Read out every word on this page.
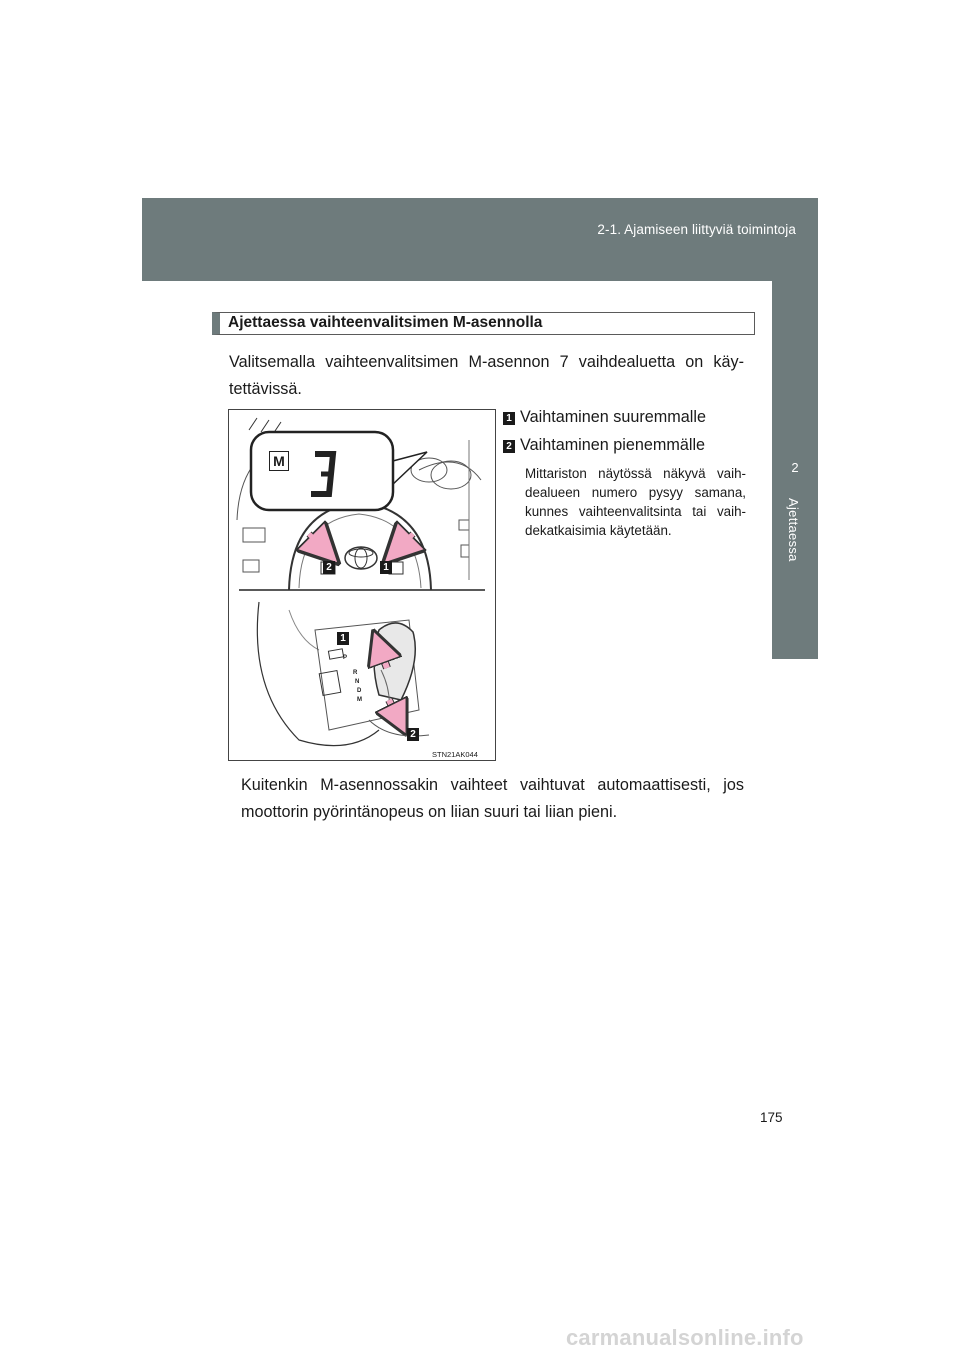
2-1. Ajamiseen liittyviä toimintoja
2
Ajettaessa
Ajettaessa vaihteenvalitsimen M-asennolla
Valitsemalla vaihteenvalitsimen M-asennon 7 vaihdealuetta on käy-tettävissä.
M
2	1
1
2
P
R
N
D
M
STN21AK044
1 Vaihtaminen suuremmalle
2 Vaihtaminen pienemmälle
Mittariston näytössä näkyvä vaih-dealueen numero pysyy samana, kunnes vaihteenvalitsinta tai vaih-dekatkaisimia käytetään.
Kuitenkin M-asennossakin vaihteet vaihtuvat automaattisesti, jos moottorin pyörintänopeus on liian suuri tai liian pieni.
175
carmanualsonline.info
